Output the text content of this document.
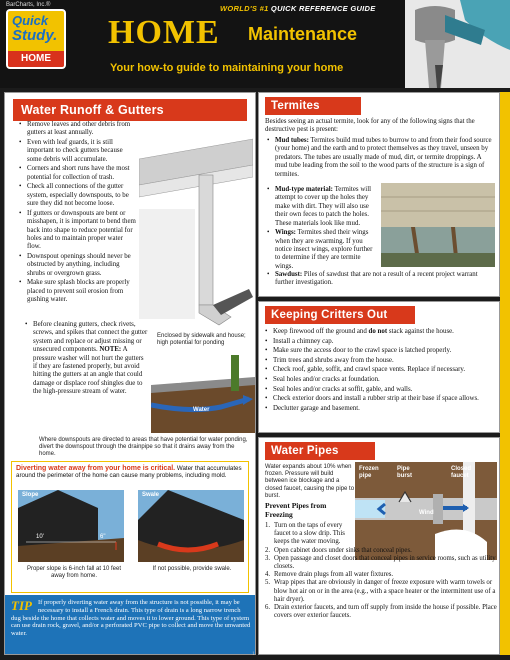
BarCharts, Inc.®
Quick
Study.
HOME
WORLD'S #1 QUICK REFERENCE GUIDE
HOME Maintenance
Your how-to guide to maintaining your home
Water Runoff & Gutters
• Remove leaves and other debris from gutters at least annually.
• Even with leaf guards, it is still important to check gutters because some debris will accumulate.
• Corners and short runs have the most potential for collection of trash.
• Check all connections of the gutter system, especially downspouts, to be sure they did not become loose.
• If gutters or downspouts are bent or misshapen, it is important to bend them back into shape to reduce potential for holes and to maintain proper water flow.
• Downspout openings should never be obstructed by anything, including shrubs or overgrown grass.
• Make sure splash blocks are properly placed to prevent soil erosion from gushing water.
• Before cleaning gutters, check rivets, screws, and spikes that connect the gutter system and replace or adjust missing or unsecured components. NOTE: A pressure washer will not hurt the gutters if they are fastened properly, but avoid hitting the gutters at an angle that could damage or displace roof shingles due to the high-pressure stream of water.
Enclosed by sidewalk and house; high potential for ponding
Sidewalk
Water
Where downspouts are directed to areas that have potential for water ponding, divert the downspout through the drainpipe so that it drains away from the home.
Diverting water away from your home is critical. Water that accumulates around the perimeter of the home can cause many problems, including mold.
Slope
10'	6"
Swale
Proper slope is 6-inch fall at 10 feet away from home.
If not possible, provide swale.
TIP If properly diverting water away from the structure is not possible, it may be necessary to install a French drain. This type of drain is a long narrow trench dug beside the home that collects water and moves it to lower ground. This type of system can use drain rock, gravel, and/or a perforated PVC pipe to collect and move the unwanted water.
Termites
Besides seeing an actual termite, look for any of the following signs that the destructive pest is present:
• Mud tubes: Termites build mud tubes to burrow to and from their food source (your home) and the earth and to protect themselves as they travel, unseen by predators. The tubes are usually made of mud, dirt, or termite droppings. A mud tube leading from the soil to the wood parts of the structure is a sign of termites.
• Mud-type material: Termites will attempt to cover up the holes they make with dirt. They will also use their own feces to patch the holes. These materials look like mud.
• Wings: Termites shed their wings when they are swarming. If you notice insect wings, explore further to determine if they are termite wings.
• Sawdust: Piles of sawdust that are not a result of a recent project warrant further investigation.
Keeping Critters Out
• Keep firewood off the ground and do not stack against the house.
• Install a chimney cap.
• Make sure the access door to the crawl space is latched properly.
• Trim trees and shrubs away from the house.
• Check roof, gable, soffit, and crawl space vents. Replace if necessary.
• Seal holes and/or cracks at foundation.
• Seal holes and/or cracks at soffit, gable, and walls.
• Check exterior doors and install a rubber strip at their base if space allows.
• Declutter garage and basement.
Water Pipes
Water expands about 10% when frozen. Pressure will build between ice blockage and a closed faucet, causing the pipe to burst.
Frozen pipe
Pipe burst
Closed faucet
Wind
Prevent Pipes from Freezing
1. Turn on the taps of every faucet to a slow drip. This keeps the water moving.
2. Open cabinet doors under sinks that conceal pipes.
3. Open passage and closet doors that conceal pipes in service rooms, such as utility closets.
4. Remove drain plugs from all water fixtures.
5. Wrap pipes that are obviously in danger of freeze exposure with warm towels or blow hot air on or in the area (e.g., with a space heater or the intermittent use of a hair dryer).
6. Drain exterior faucets, and turn off supply from inside the house if possible. Place covers over exterior faucets.
1
